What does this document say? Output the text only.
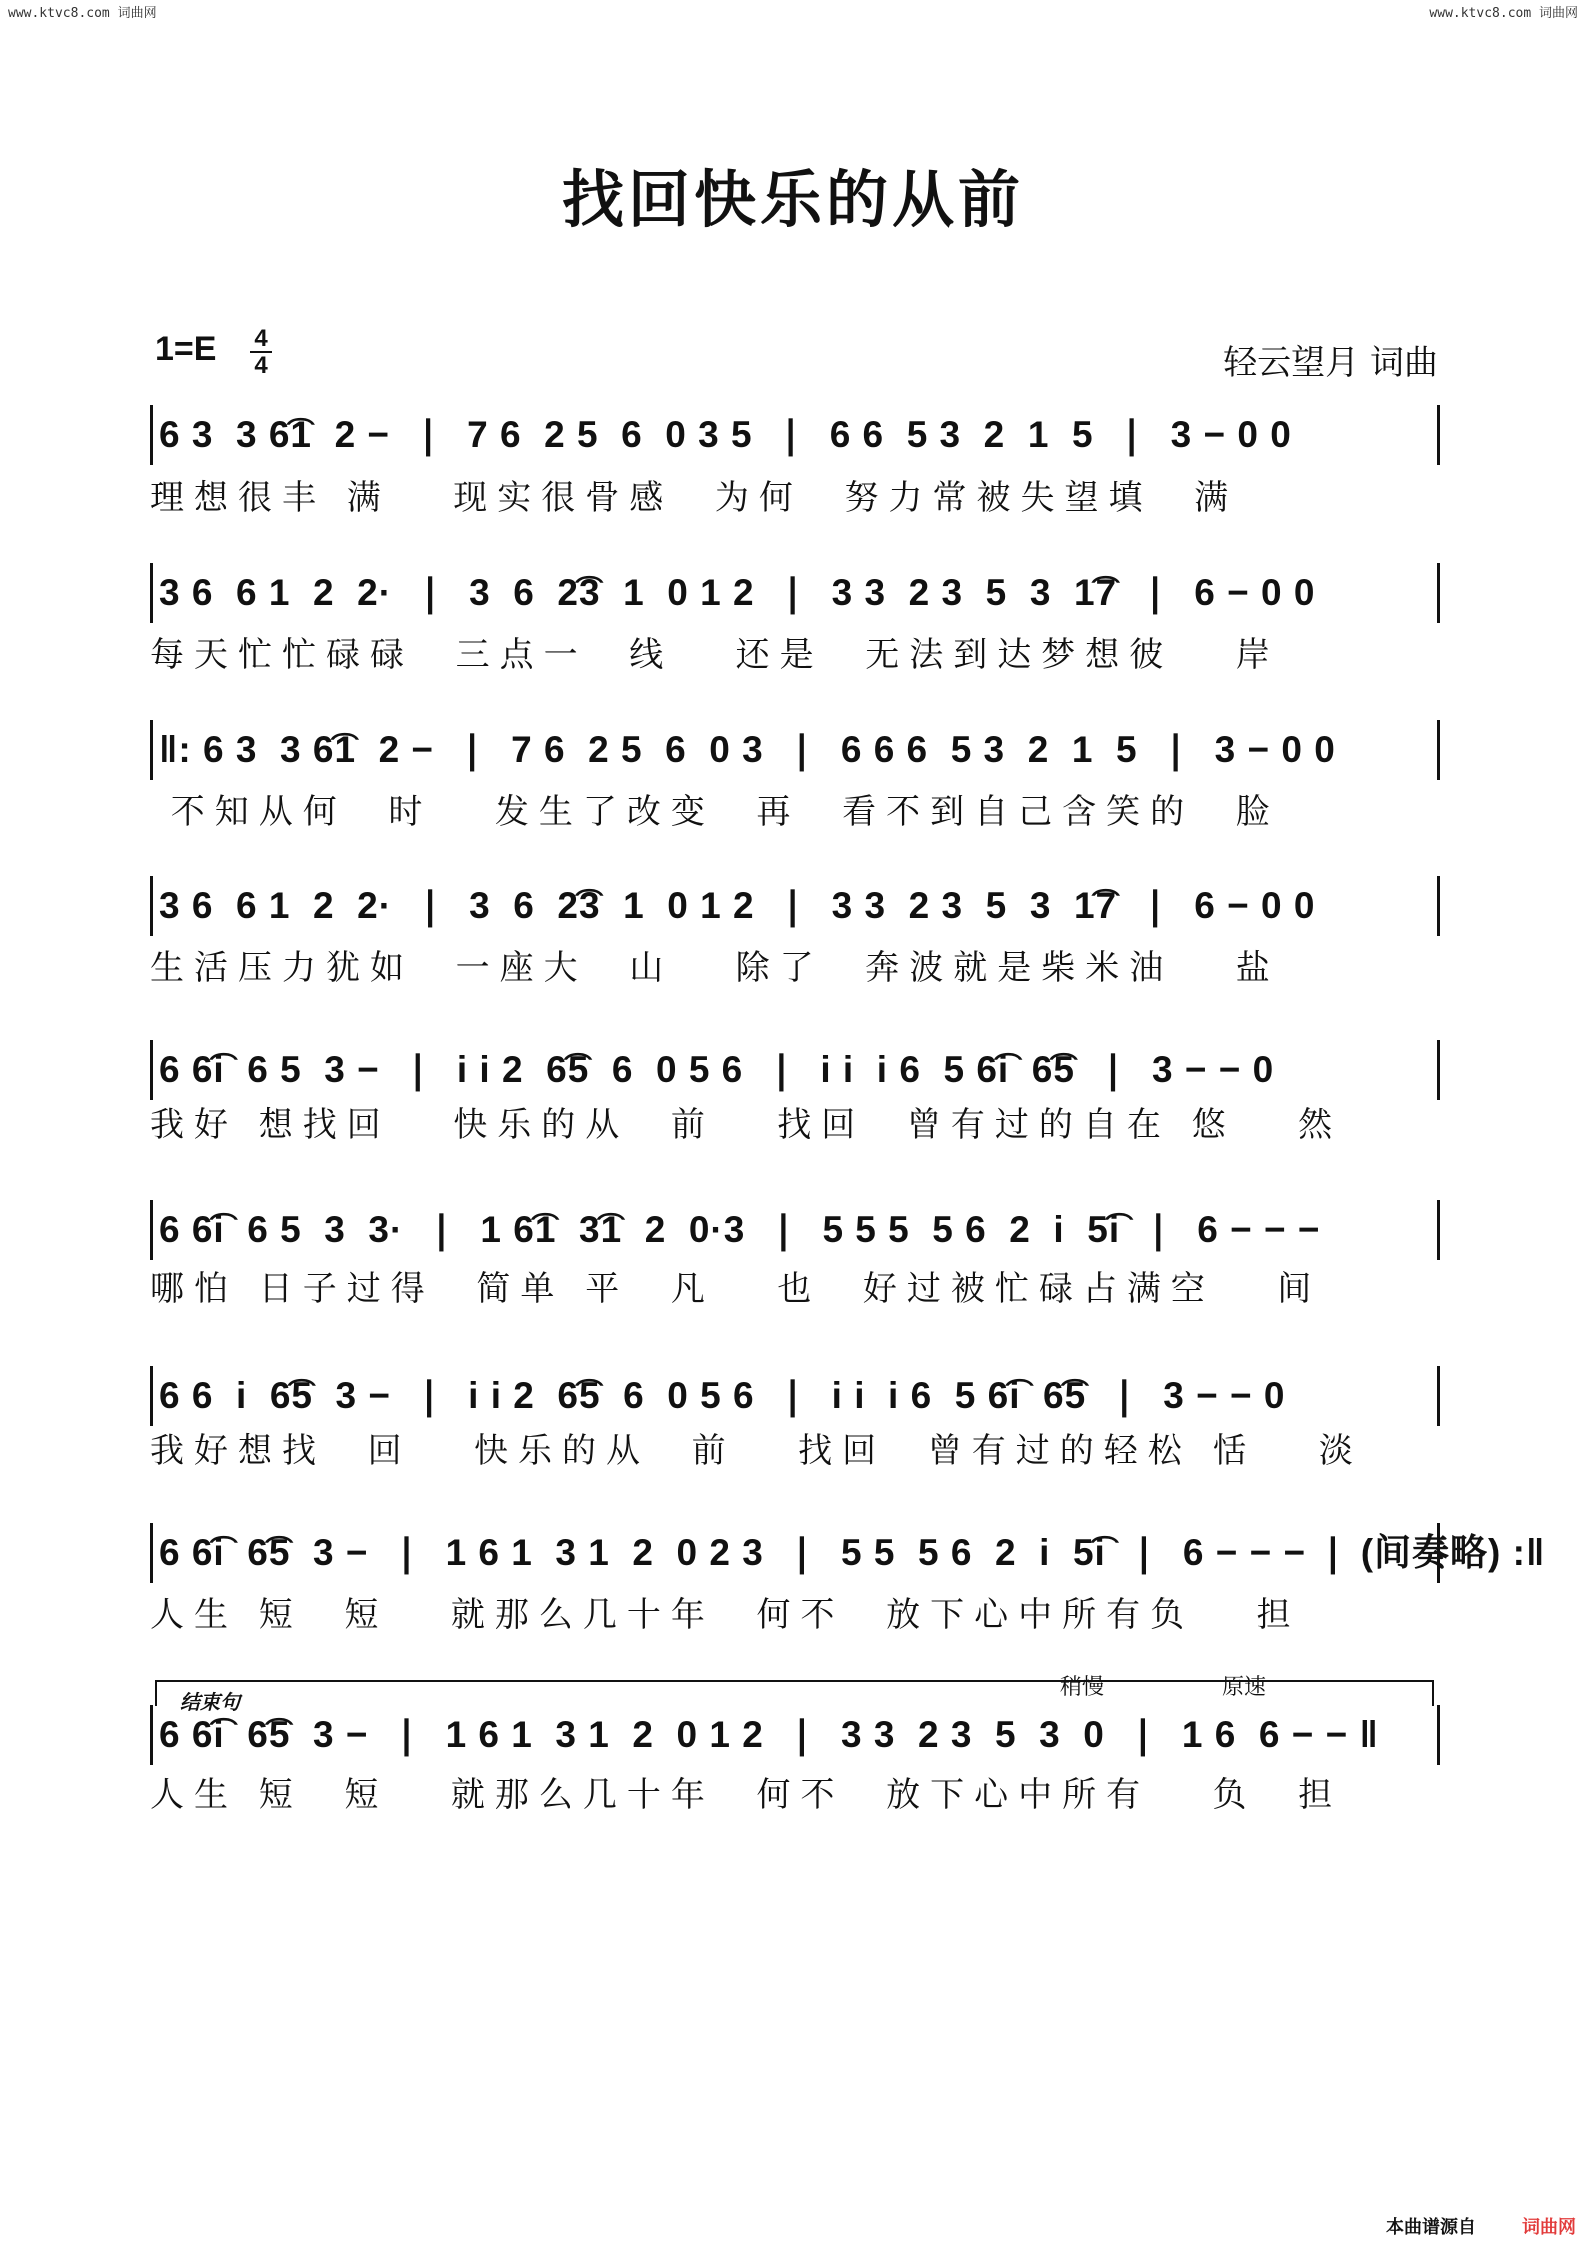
www.ktvc8.com 词曲网	www.ktvc8.com 词曲网
找回快乐的从前
1=E 4
4	轻云望月 词曲
6 3  3 6͡1  2 −  ❘  7 6  2 5  6  0 3 5  ❘  6 6  5 3  2  1  5  ❘  3 − 0 0
理想很丰 满   现实很骨感  为何  努力常被失望填  满
3 6  6 1  2  2·  ❘  3  6  2͡3  1  0 1 2  ❘  3 3  2 3  5  3  1͡7  ❘  6 − 0 0
每天忙忙碌碌  三点一  线   还是  无法到达梦想彼   岸
‖: 6 3  3 6͡1  2 −  ❘  7 6  2 5  6  0 3  ❘  6 6 6  5 3  2  1  5  ❘  3 − 0 0
不知从何  时   发生了改变  再  看不到自己含笑的  脸
3 6  6 1  2  2·  ❘  3  6  2͡3  1  0 1 2  ❘  3 3  2 3  5  3  1͡7  ❘  6 − 0 0
生活压力犹如  一座大  山   除了  奔波就是柴米油   盐
6 6͡i  6 5  3 −  ❘  i i 2  6͡5  6  0 5 6  ❘  i i  i 6  5 6͡i  6͡5  ❘  3 − − 0
我好 想找回   快乐的从  前   找回  曾有过的自在 悠   然
6 6͡i  6 5  3  3·  ❘  1 6͡1  3͡1  2  0·3  ❘  5 5 5  5 6  2  i  5͡i  ❘  6 − − −
哪怕 日子过得  简单 平  凡   也  好过被忙碌占满空   间
6 6  i  6͡5  3 −  ❘  i i 2  6͡5  6  0 5 6  ❘  i i  i 6  5 6͡i  6͡5  ❘  3 − − 0
我好想找  回   快乐的从  前   找回  曾有过的轻松 恬   淡
6 6͡i  6͡5  3 −  ❘  1 6 1  3 1  2  0 2 3  ❘  5 5  5 6  2  i  5͡i  ❘  6 − − − ❘ (间奏略) :‖
人生 短  短   就那么几十年  何不  放下心中所有负   担
结束句
稍慢	原速
6 6͡i  6͡5  3 −  ❘  1 6 1  3 1  2  0 1 2  ❘  3 3  2 3  5  3  0  ❘  1 6  6 − − ‖
人生 短  短   就那么几十年  何不  放下心中所有   负  担
本曲谱源自	词曲网
